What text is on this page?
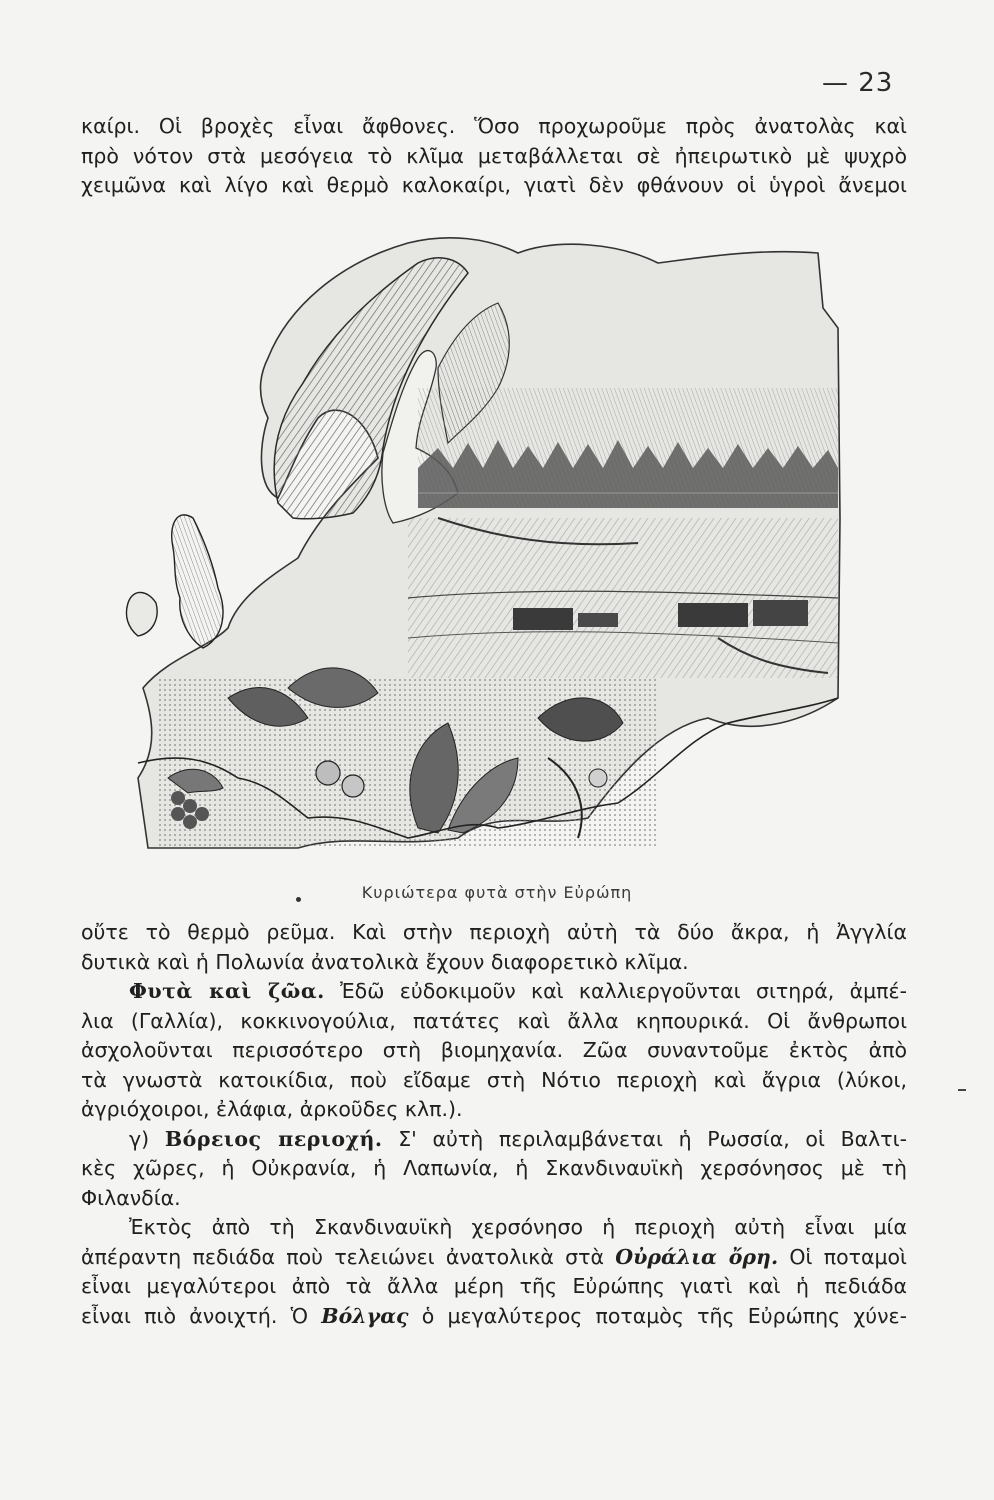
— 23
καίρι. Οἱ βροχὲς εἶναι ἄφθονες. Ὅσο προχωροῦμε πρὸς ἀνατολὰς καὶ
πρὸ νότον στὰ μεσόγεια τὸ κλῖμα μεταβάλλεται σὲ ἠπειρωτικὸ μὲ ψυχρὸ
χειμῶνα καὶ λίγο καὶ θερμὸ καλοκαίρι, γιατὶ δὲν φθάνουν οἱ ὑγροὶ ἄνεμοι
Κυριώτερα φυτὰ στὴν Εὐρώπη
οὔτε τὸ θερμὸ ρεῦμα. Καὶ στὴν περιοχὴ αὐτὴ τὰ δύο ἄκρα, ἡ Ἀγγλία
δυτικὰ καὶ ἡ Πολωνία ἀνατολικὰ ἔχουν διαφορετικὸ κλῖμα.
Φυτὰ καὶ ζῶα. Ἐδῶ εὐδοκιμοῦν καὶ καλλιεργοῦνται σιτηρά, ἀμπέ-
λια (Γαλλία), κοκκινογούλια, πατάτες καὶ ἄλλα κηπουρικά. Οἱ ἄνθρωποι
ἀσχολοῦνται περισσότερο στὴ βιομηχανία. Ζῶα συναντοῦμε ἐκτὸς ἀπὸ
τὰ γνωστὰ κατοικίδια, ποὺ εἴδαμε στὴ Νότιο περιοχὴ καὶ ἄγρια (λύκοι,
ἀγριόχοιροι, ἐλάφια, ἀρκοῦδες κλπ.).
γ) Βόρειος περιοχή. Σ' αὐτὴ περιλαμβάνεται ἡ Ρωσσία, οἱ Βαλτι-
κὲς χῶρες, ἡ Οὐκρανία, ἡ Λαπωνία, ἡ Σκανδιναυϊκὴ χερσόνησος μὲ τὴ
Φιλανδία.
Ἐκτὸς ἀπὸ τὴ Σκανδιναυϊκὴ χερσόνησο ἡ περιοχὴ αὐτὴ εἶναι μία
ἀπέραντη πεδιάδα ποὺ τελειώνει ἀνατολικὰ στὰ Οὐράλια ὄρη. Οἱ ποταμοὶ
εἶναι μεγαλύτεροι ἀπὸ τὰ ἄλλα μέρη τῆς Εὐρώπης γιατὶ καὶ ἡ πεδιάδα
εἶναι πιὸ ἀνοιχτή. Ὁ Βόλγας ὁ μεγαλύτερος ποταμὸς τῆς Εὐρώπης χύνε-
